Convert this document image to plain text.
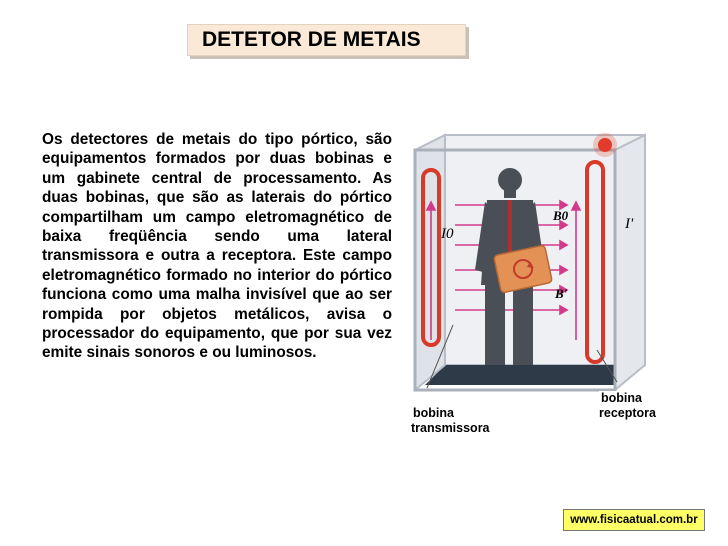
DETETOR DE METAIS

Os detectores de metais do tipo pórtico, são equipamentos formados por duas bobinas e um gabinete central de processamento. As duas bobinas, que são as laterais do pórtico compartilham um campo eletromagnético de baixa freqüência sendo uma lateral transmissora e outra a receptora. Este campo eletromagnético formado no interior do pórtico funciona como uma malha invisível que ao ser rompida por objetos metálicos, avisa o processador do equipamento, que por sua vez emite sinais sonoros e ou luminosos.

I0
I'
B0
B'

bobina
transmissora

bobina
receptora

www.fisicaatual.com.br
